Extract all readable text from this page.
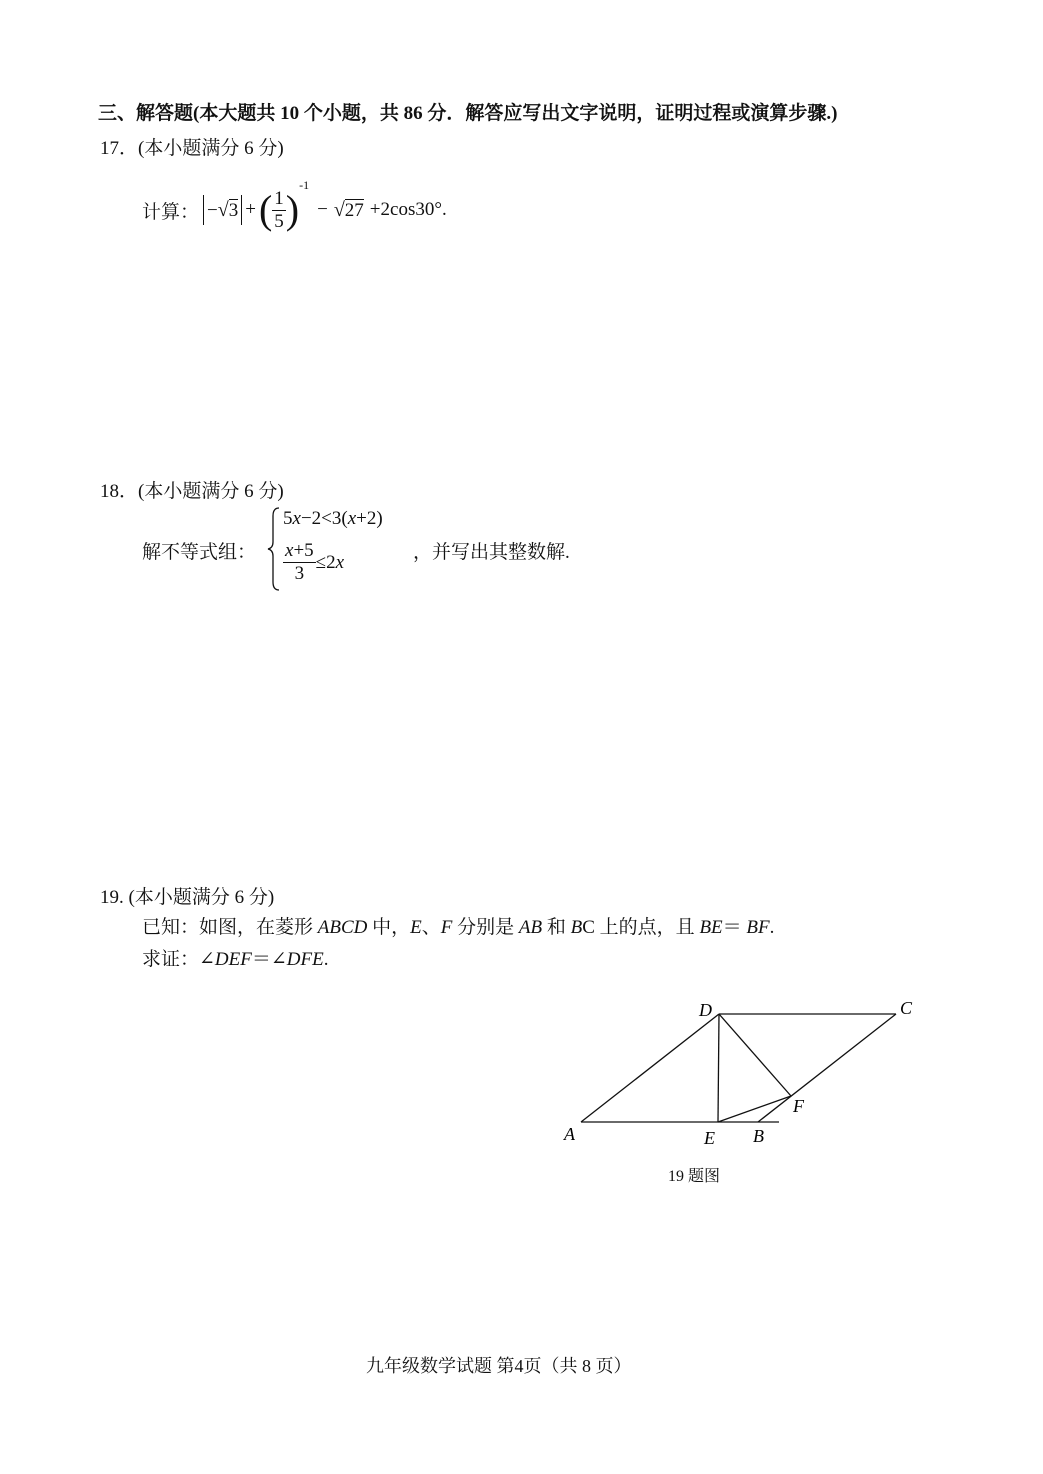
三、解答题(本大题共 10 个小题，共 86 分．解答应写出文字说明，证明过程或演算步骤.)
17．(本小题满分 6 分)
计算： −√3 + ( $\frac{1}{5}$ )
-1
− √ 27 +2cos30°.
18．(本小题满分 6 分)
解不等式组：
5x−2<3(x+2)
$\frac{x+5}{3} \le 2$ x	，并写出其整数解.
19. (本小题满分 6 分)
已知：如图，在菱形 ABCD 中，E、F 分别是 AB 和 BC 上的点，且 BE＝ BF.
求证：∠DEF＝∠DFE.
D	C
A	E B
F
19 题图
九年级数学试题 第4页（共 8 页）
